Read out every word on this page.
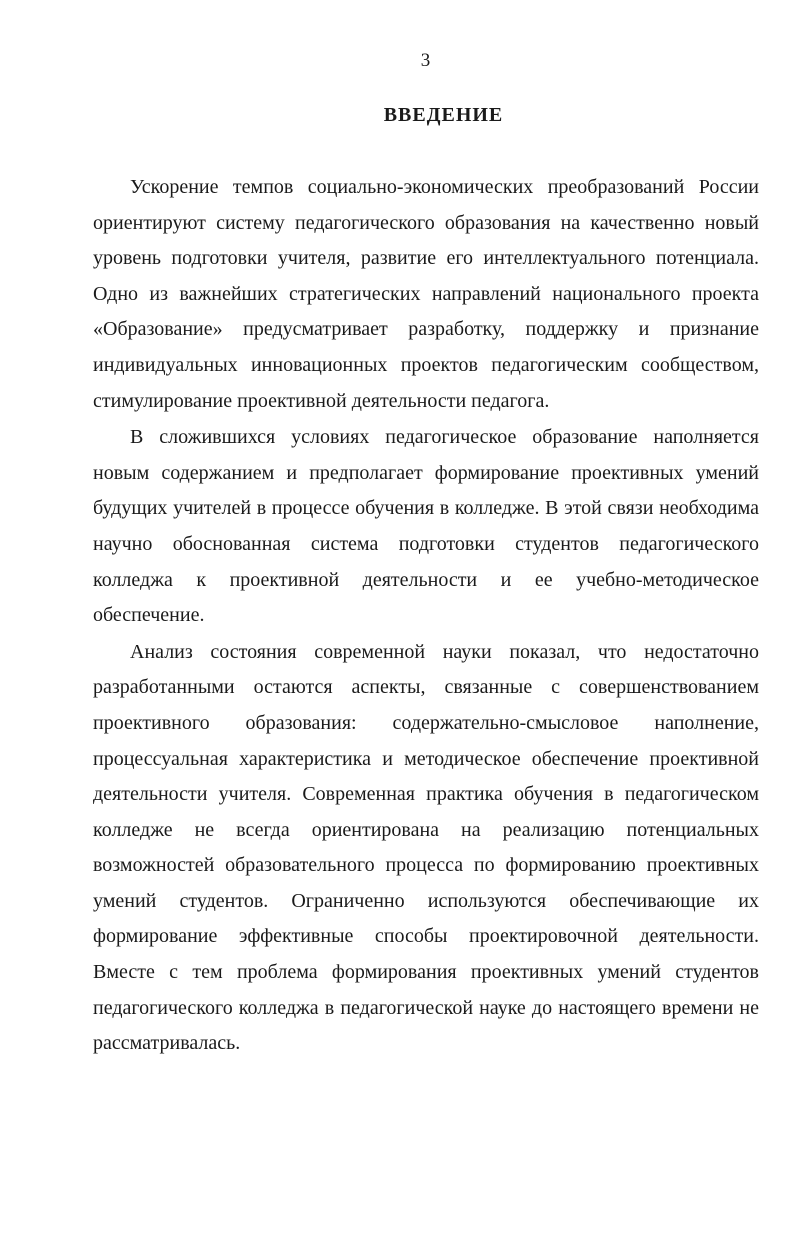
3
ВВЕДЕНИЕ

Ускорение темпов социально-экономических преобразований России ориентируют систему педагогического образования на качественно новый уровень подготовки учителя, развитие его интеллектуального потенциала. Одно из важнейших стратегических направлений национального проекта «Образование» предусматривает разработку, поддержку и признание индивидуальных инновационных проектов педагогическим сообществом, стимулирование проективной деятельности педагога.

В сложившихся условиях педагогическое образование наполняется новым содержанием и предполагает формирование проективных умений будущих учителей в процессе обучения в колледже. В этой связи необходима научно обоснованная система подготовки студентов педагогического колледжа к проективной деятельности и ее учебно-методическое обеспечение.

Анализ состояния современной науки показал, что недостаточно разработанными остаются аспекты, связанные с совершенствованием проективного образования: содержательно-смысловое наполнение, процессуальная характеристика и методическое обеспечение проективной деятельности учителя. Современная практика обучения в педагогическом колледже не всегда ориентирована на реализацию потенциальных возможностей образовательного процесса по формированию проективных умений студентов. Ограниченно используются обеспечивающие их формирование эффективные способы проектировочной деятельности. Вместе с тем проблема формирования проективных умений студентов педагогического колледжа в педагогической науке до настоящего времени не рассматривалась.
